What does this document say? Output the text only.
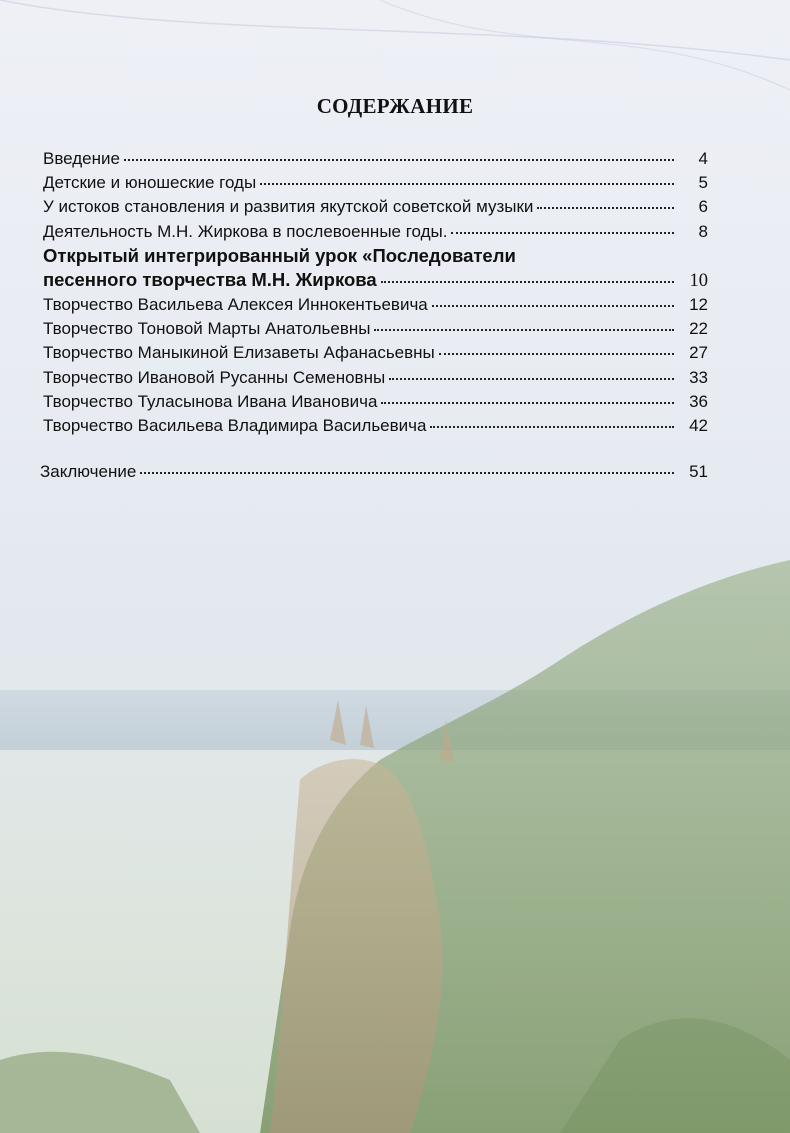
СОДЕРЖАНИЕ
Введение	4
Детские и юношеские годы	5
У истоков становления и развития якутской советской музыки	6
Деятельность М.Н. Жиркова в послевоенные годы.	8
Открытый интегрированный урок «Последователи
песенного творчества М.Н. Жиркова	10
Творчество Васильева Алексея Иннокентьевича	12
Творчество Тоновой Марты Анатольевны	22
Творчество Маныкиной Елизаветы Афанасьевны	27
Творчество Ивановой Русанны Семеновны	33
Творчество Туласынова Ивана Ивановича	36
Творчество Васильева Владимира Васильевича	42
Заключение	51
